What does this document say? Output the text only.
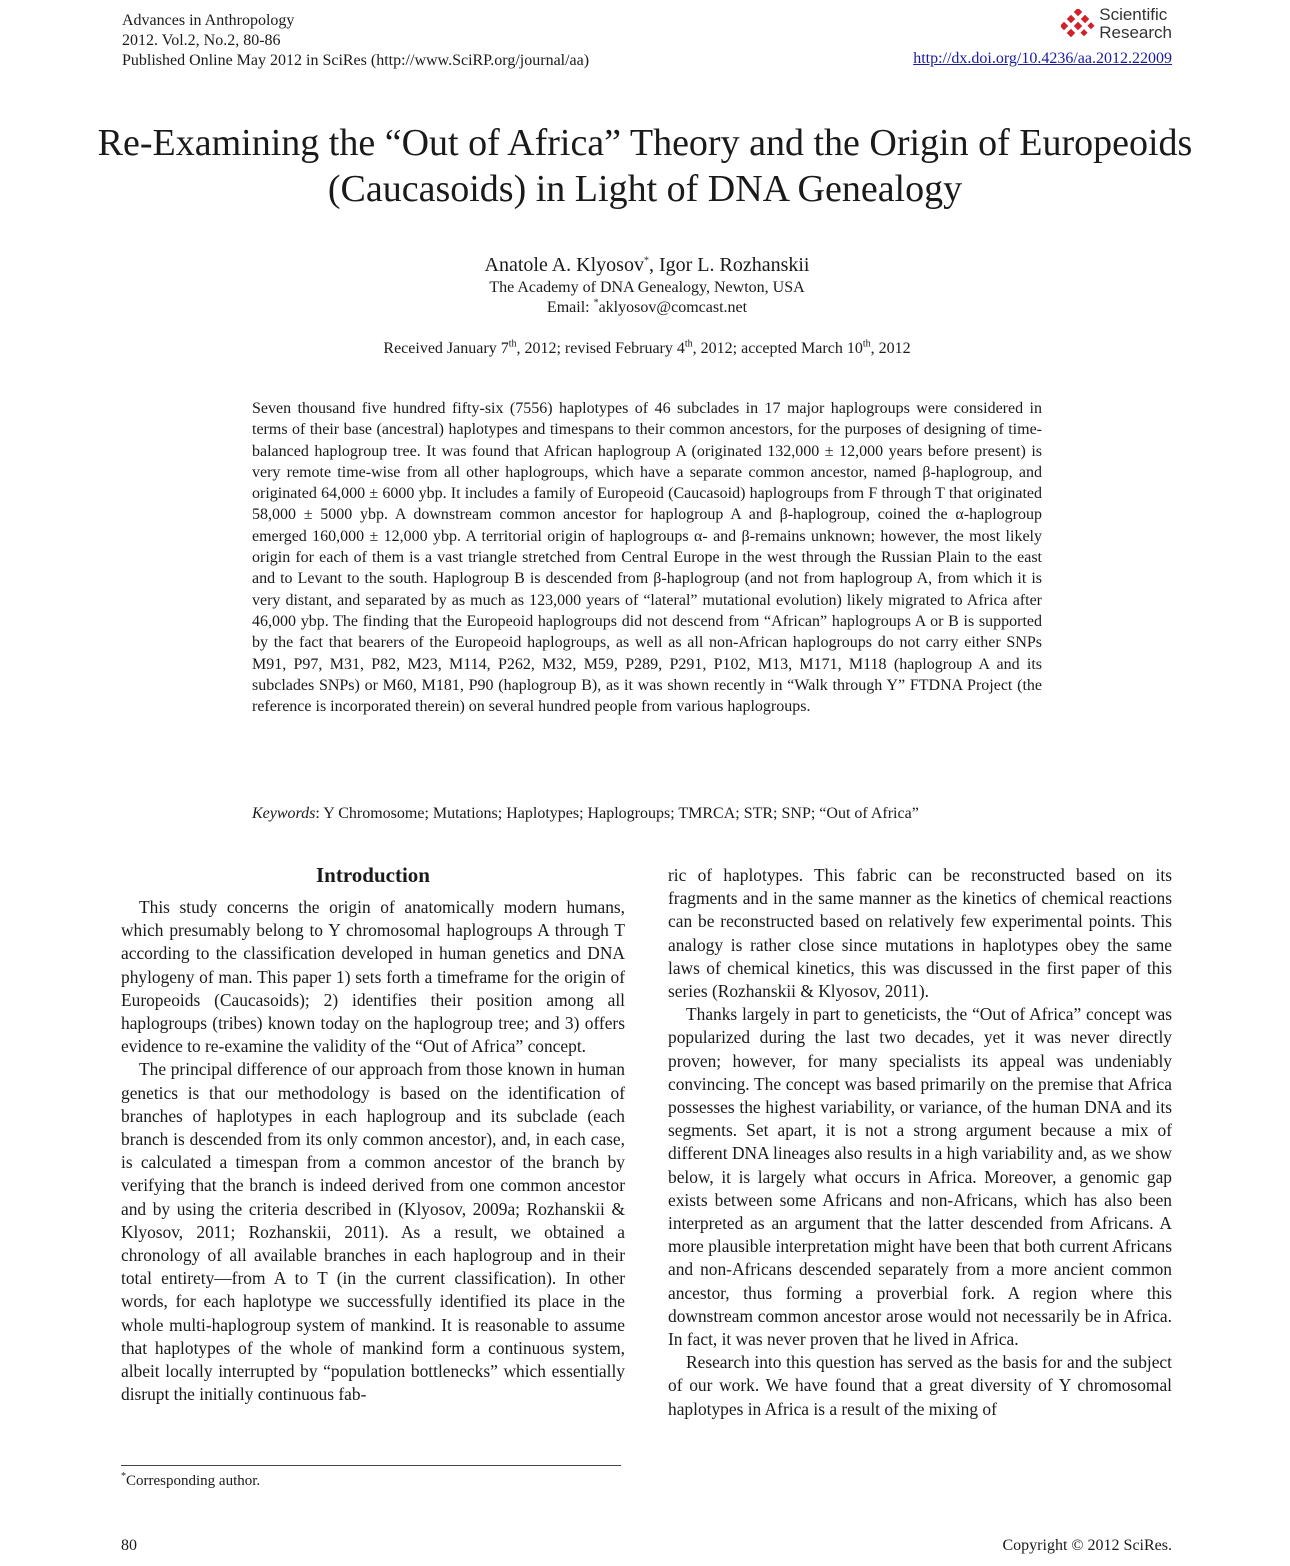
Advances in Anthropology
2012. Vol.2, No.2, 80-86
Published Online May 2012 in SciRes (http://www.SciRP.org/journal/aa)
Scientific
Research
http://dx.doi.org/10.4236/aa.2012.22009
Re-Examining the “Out of Africa” Theory and the Origin of Europeoids (Caucasoids) in Light of DNA Genealogy
Anatole A. Klyosov*, Igor L. Rozhanskii
The Academy of DNA Genealogy, Newton, USA
Email: *aklyosov@comcast.net
Received January 7th, 2012; revised February 4th, 2012; accepted March 10th, 2012

Seven thousand five hundred fifty-six (7556) haplotypes of 46 subclades in 17 major haplogroups were considered in terms of their base (ancestral) haplotypes and timespans to their common ancestors, for the purposes of designing of time-balanced haplogroup tree. It was found that African haplogroup A (originated 132,000 ± 12,000 years before present) is very remote time-wise from all other haplogroups, which have a separate common ancestor, named β-haplogroup, and originated 64,000 ± 6000 ybp. It includes a family of Europeoid (Caucasoid) haplogroups from F through T that originated 58,000 ± 5000 ybp. A downstream common ancestor for haplogroup A and β-haplogroup, coined the α-haplogroup emerged 160,000 ± 12,000 ybp. A territorial origin of haplogroups α- and β-remains unknown; however, the most likely origin for each of them is a vast triangle stretched from Central Europe in the west through the Russian Plain to the east and to Levant to the south. Haplogroup B is descended from β-haplogroup (and not from haplogroup A, from which it is very distant, and separated by as much as 123,000 years of “lateral” mutational evolution) likely migrated to Africa after 46,000 ybp. The finding that the Europeoid haplogroups did not descend from “African” haplogroups A or B is supported by the fact that bearers of the Europeoid haplogroups, as well as all non-African haplogroups do not carry either SNPs M91, P97, M31, P82, M23, M114, P262, M32, M59, P289, P291, P102, M13, M171, M118 (haplogroup A and its subclades SNPs) or M60, M181, P90 (haplogroup B), as it was shown recently in “Walk through Y” FTDNA Project (the reference is incorporated therein) on several hundred people from various haplogroups.

Keywords: Y Chromosome; Mutations; Haplotypes; Haplogroups; TMRCA; STR; SNP; “Out of Africa”

Introduction

This study concerns the origin of anatomically modern humans, which presumably belong to Y chromosomal haplogroups A through T according to the classification developed in human genetics and DNA phylogeny of man. This paper 1) sets forth a timeframe for the origin of Europeoids (Caucasoids); 2) identifies their position among all haplogroups (tribes) known today on the haplogroup tree; and 3) offers evidence to re-examine the validity of the “Out of Africa” concept.

The principal difference of our approach from those known in human genetics is that our methodology is based on the identification of branches of haplotypes in each haplogroup and its subclade (each branch is descended from its only common ancestor), and, in each case, is calculated a timespan from a common ancestor of the branch by verifying that the branch is indeed derived from one common ancestor and by using the criteria described in (Klyosov, 2009a; Rozhanskii & Klyosov, 2011; Rozhanskii, 2011). As a result, we obtained a chronology of all available branches in each haplogroup and in their total entirety—from A to T (in the current classification). In other words, for each haplotype we successfully identified its place in the whole multi-haplogroup system of mankind. It is reasonable to assume that haplotypes of the whole of mankind form a continuous system, albeit locally interrupted by “population bottlenecks” which essentially disrupt the initially continuous fab-

ric of haplotypes. This fabric can be reconstructed based on its fragments and in the same manner as the kinetics of chemical reactions can be reconstructed based on relatively few experimental points. This analogy is rather close since mutations in haplotypes obey the same laws of chemical kinetics, this was discussed in the first paper of this series (Rozhanskii & Klyosov, 2011).

Thanks largely in part to geneticists, the “Out of Africa” concept was popularized during the last two decades, yet it was never directly proven; however, for many specialists its appeal was undeniably convincing. The concept was based primarily on the premise that Africa possesses the highest variability, or variance, of the human DNA and its segments. Set apart, it is not a strong argument because a mix of different DNA lineages also results in a high variability and, as we show below, it is largely what occurs in Africa. Moreover, a genomic gap exists between some Africans and non-Africans, which has also been interpreted as an argument that the latter descended from Africans. A more plausible interpretation might have been that both current Africans and non-Africans descended separately from a more ancient common ancestor, thus forming a proverbial fork. A region where this downstream common ancestor arose would not necessarily be in Africa. In fact, it was never proven that he lived in Africa.

Research into this question has served as the basis for and the subject of our work. We have found that a great diversity of Y chromosomal haplotypes in Africa is a result of the mixing of

*Corresponding author.
80	Copyright © 2012 SciRes.
